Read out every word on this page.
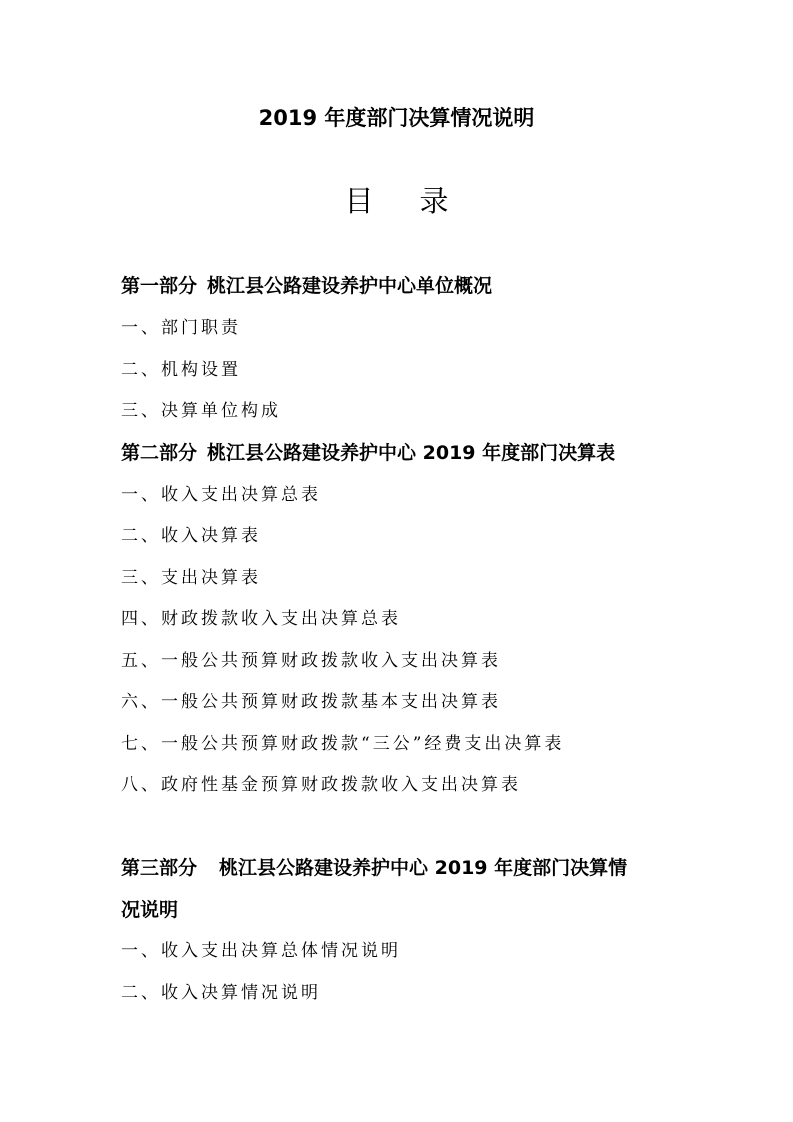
2019 年度部门决算情况说明
目录
第一部分 桃江县公路建设养护中心单位概况
一、部门职责
二、机构设置
三、决算单位构成
第二部分 桃江县公路建设养护中心 2019 年度部门决算表
一、收入支出决算总表
二、收入决算表
三、支出决算表
四、财政拨款收入支出决算总表
五、一般公共预算财政拨款收入支出决算表
六、一般公共预算财政拨款基本支出决算表
七、一般公共预算财政拨款“三公”经费支出决算表
八、政府性基金预算财政拨款收入支出决算表
第三部分 桃江县公路建设养护中心 2019 年度部门决算情
况说明
一、收入支出决算总体情况说明
二、收入决算情况说明
